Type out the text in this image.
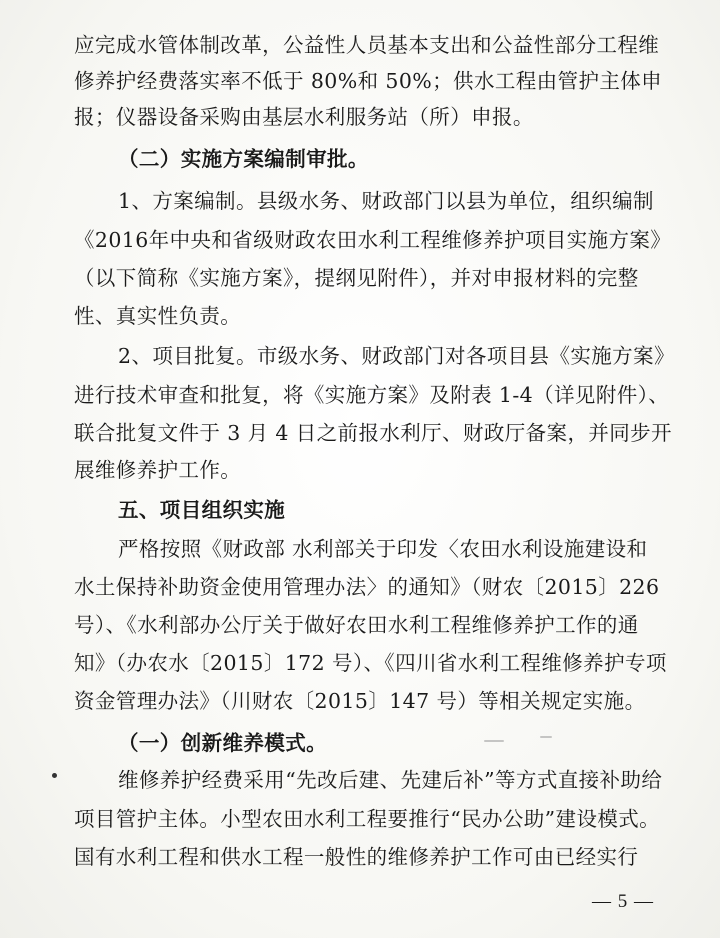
应完成水管体制改革，公益性人员基本支出和公益性部分工程维
修养护经费落实率不低于 80%和 50%；供水工程由管护主体申
报；仪器设备采购由基层水利服务站（所）申报。
（二）实施方案编制审批。
1、方案编制。县级水务、财政部门以县为单位，组织编制
《2016年中央和省级财政农田水利工程维修养护项目实施方案》
（以下简称《实施方案》，提纲见附件），并对申报材料的完整
性、真实性负责。
2、项目批复。市级水务、财政部门对各项目县《实施方案》
进行技术审查和批复，将《实施方案》及附表 1-4（详见附件）、
联合批复文件于 3 月 4 日之前报水利厅、财政厅备案，并同步开
展维修养护工作。
五、项目组织实施
严格按照《财政部 水利部关于印发〈农田水利设施建设和
水土保持补助资金使用管理办法〉的通知》（财农〔2015〕226
号）、《水利部办公厅关于做好农田水利工程维修养护工作的通
知》（办农水〔2015〕172 号）、《四川省水利工程维修养护专项
资金管理办法》（川财农〔2015〕147 号）等相关规定实施。
（一）创新维养模式。
维修养护经费采用“先改后建、先建后补”等方式直接补助给
项目管护主体。小型农田水利工程要推行“民办公助”建设模式。
国有水利工程和供水工程一般性的维修养护工作可由已经实行
— 5 —
